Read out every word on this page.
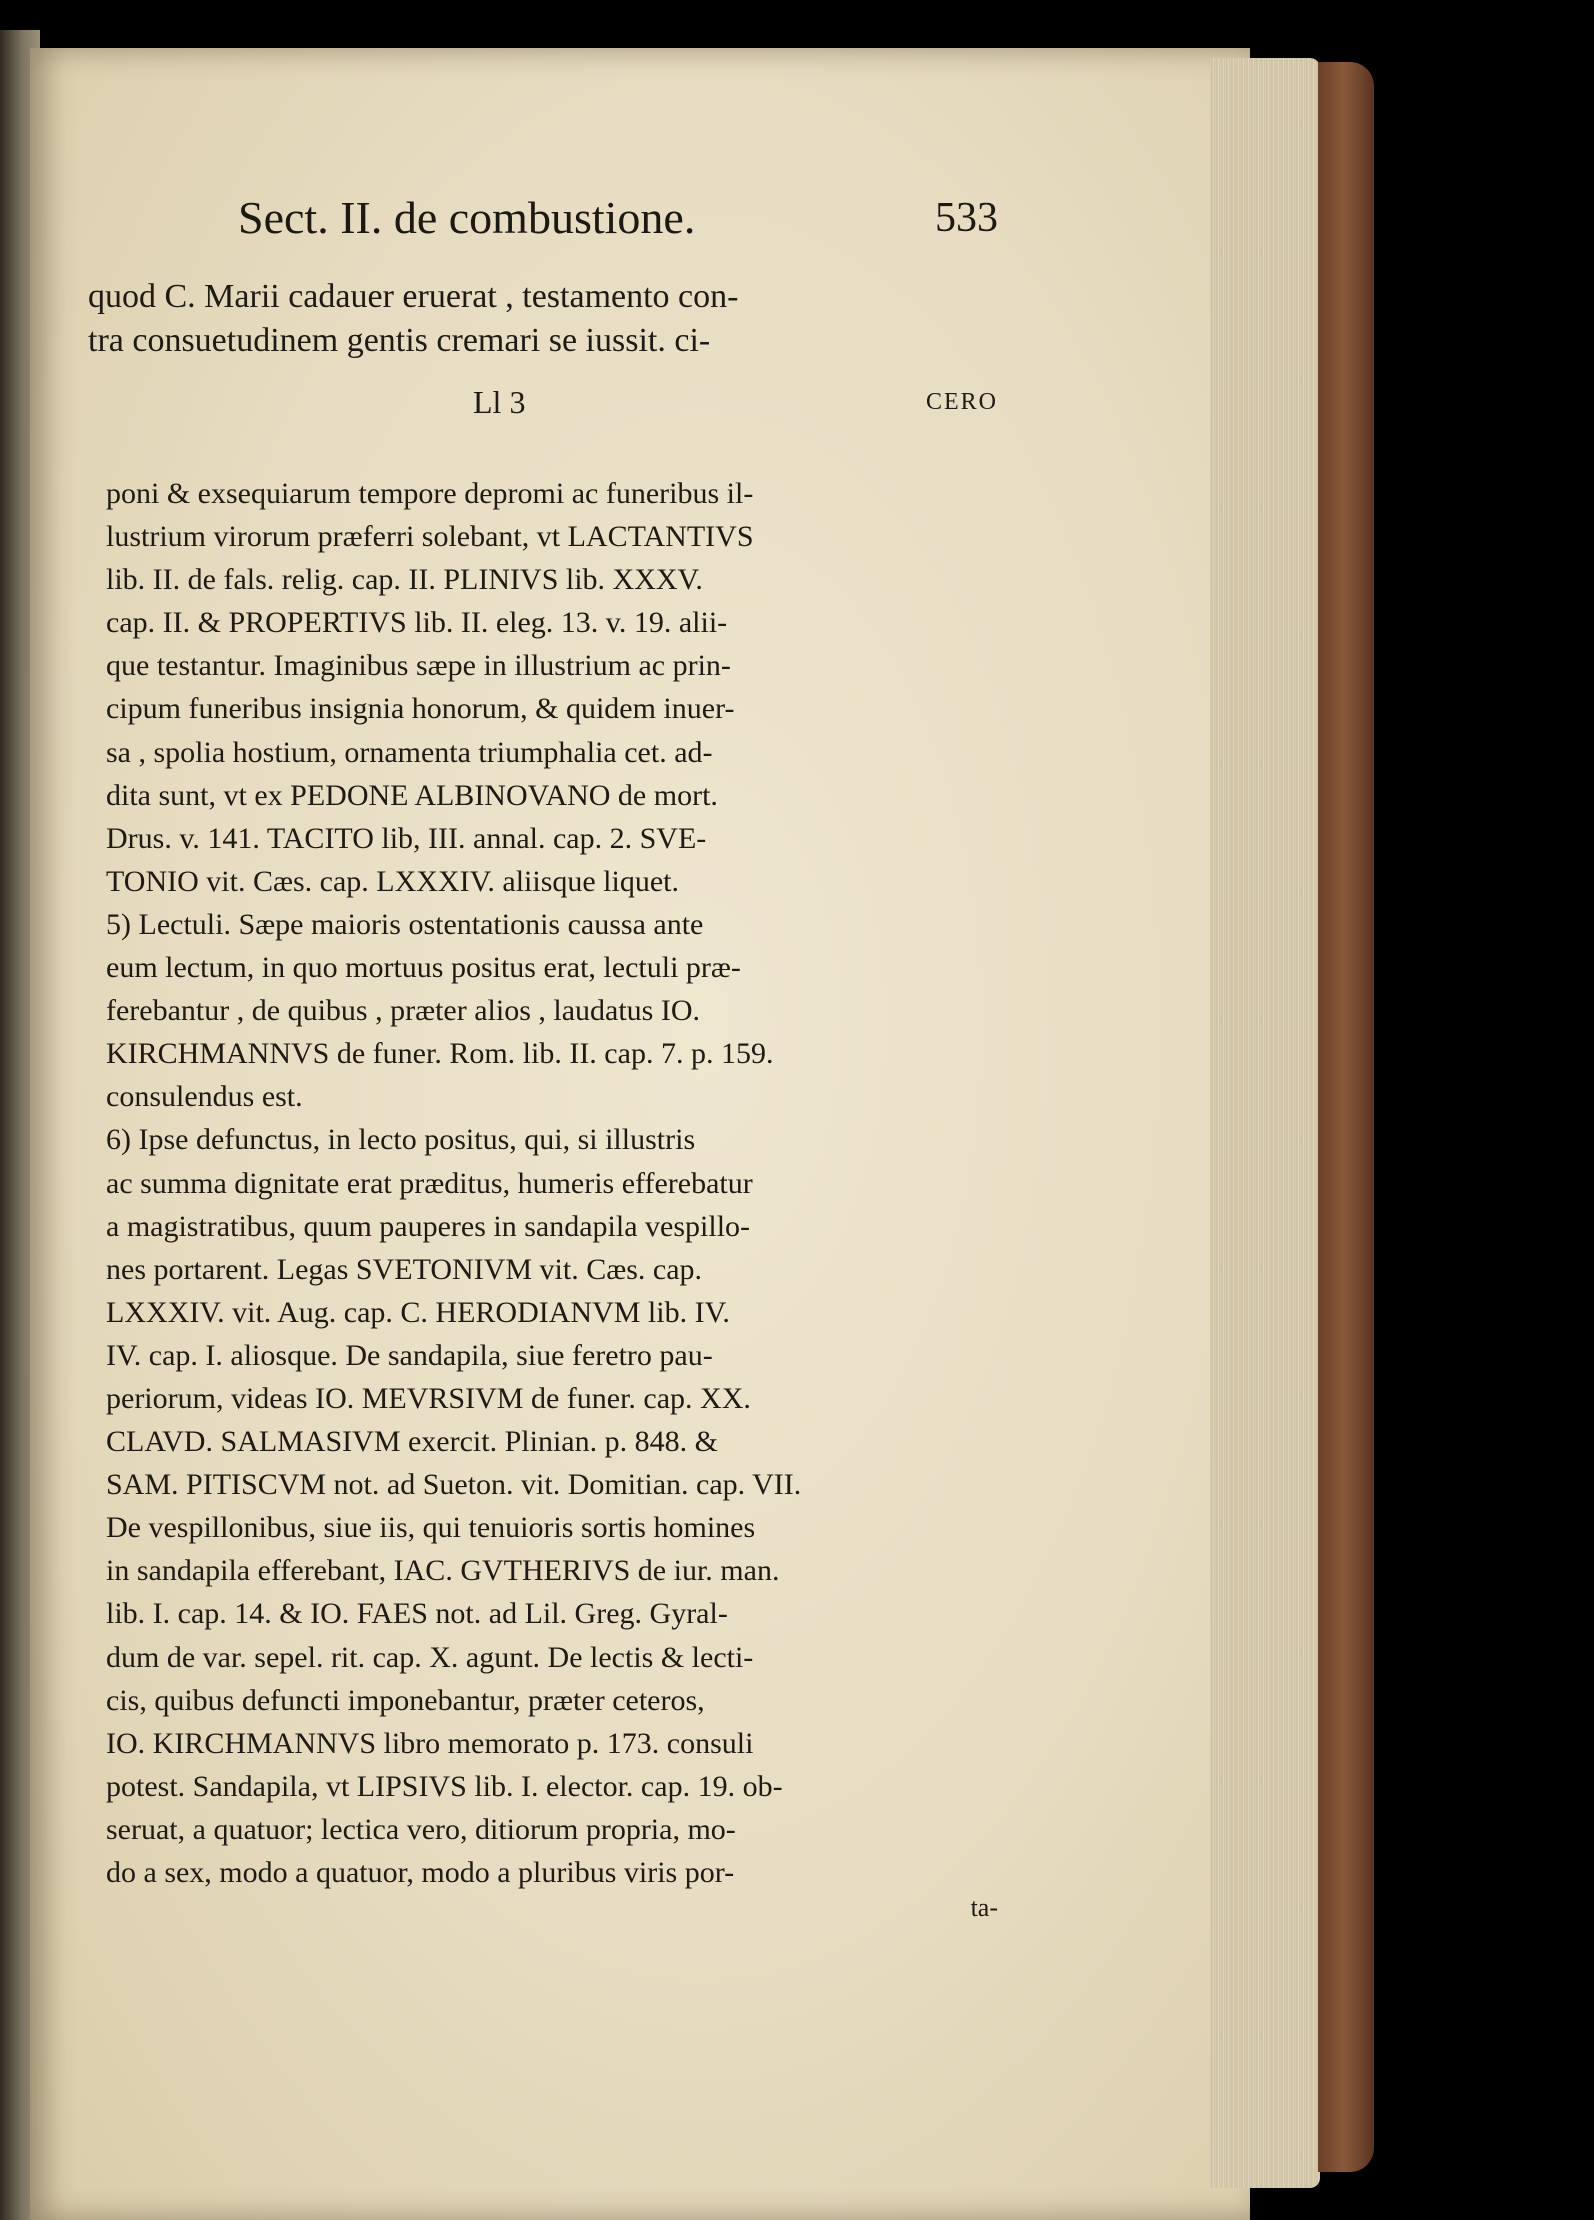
Sect. II. de combustione.	533
quod C. Marii cadauer eruerat , testamento con-
tra consuetudinem gentis cremari se iussit. ci-
Ll 3	CERO
poni & exsequiarum tempore depromi ac funeribus il-
lustrium virorum præferri solebant, vt LACTANTIVS
lib. II. de fals. relig. cap. II. PLINIVS lib. XXXV.
cap. II. & PROPERTIVS lib. II. eleg. 13. v. 19. alii-
que testantur. Imaginibus sæpe in illustrium ac prin-
cipum funeribus insignia honorum, & quidem inuer-
sa , spolia hostium, ornamenta triumphalia cet. ad-
dita sunt, vt ex PEDONE ALBINOVANO de mort.
Drus. v. 141. TACITO lib, III. annal. cap. 2. SVE-
TONIO vit. Cæs. cap. LXXXIV. aliisque liquet.
5) Lectuli. Sæpe maioris ostentationis caussa ante
eum lectum, in quo mortuus positus erat, lectuli præ-
ferebantur , de quibus , præter alios , laudatus IO.
KIRCHMANNVS de funer. Rom. lib. II. cap. 7. p. 159.
consulendus est.
6) Ipse defunctus, in lecto positus, qui, si illustris
ac summa dignitate erat præditus, humeris efferebatur
a magistratibus, quum pauperes in sandapila vespillo-
nes portarent. Legas SVETONIVM vit. Cæs. cap.
LXXXIV. vit. Aug. cap. C. HERODIANVM lib. IV.
IV. cap. I. aliosque. De sandapila, siue feretro pau-
periorum, videas IO. MEVRSIVM de funer. cap. XX.
CLAVD. SALMASIVM exercit. Plinian. p. 848. &
SAM. PITISCVM not. ad Sueton. vit. Domitian. cap. VII.
De vespillonibus, siue iis, qui tenuioris sortis homines
in sandapila efferebant, IAC. GVTHERIVS de iur. man.
lib. I. cap. 14. & IO. FAES not. ad Lil. Greg. Gyral-
dum de var. sepel. rit. cap. X. agunt. De lectis & lecti-
cis, quibus defuncti imponebantur, præter ceteros,
IO. KIRCHMANNVS libro memorato p. 173. consuli
potest. Sandapila, vt LIPSIVS lib. I. elector. cap. 19. ob-
seruat, a quatuor; lectica vero, ditiorum propria, mo-
do a sex, modo a quatuor, modo a pluribus viris por-
ta-
